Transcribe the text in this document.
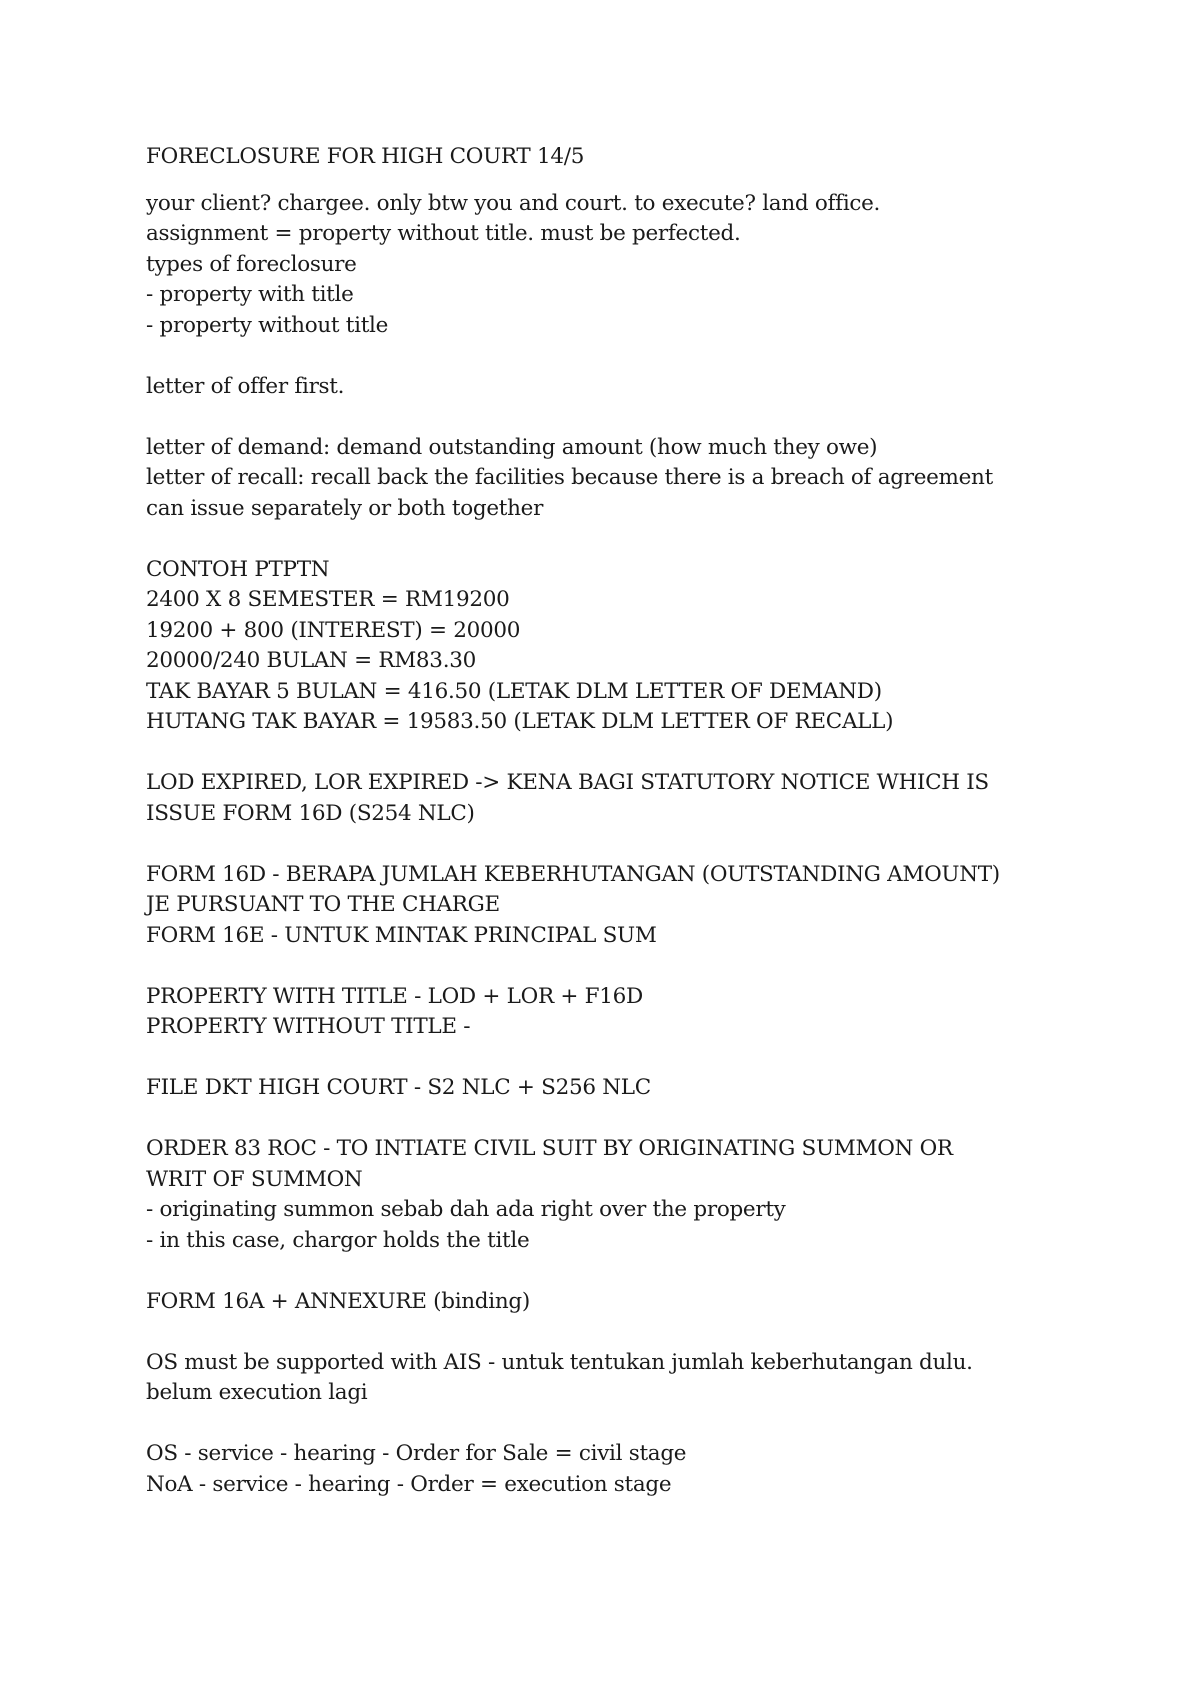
FORECLOSURE FOR HIGH COURT 14/5
your client? chargee. only btw you and court. to execute? land office.
assignment = property without title. must be perfected.
types of foreclosure
- property with title
- property without title
letter of offer first.
letter of demand: demand outstanding amount (how much they owe)
letter of recall: recall back the facilities because there is a breach of agreement
can issue separately or both together
CONTOH PTPTN
2400 X 8 SEMESTER = RM19200
19200 + 800 (INTEREST) = 20000
20000/240 BULAN = RM83.30
TAK BAYAR 5 BULAN = 416.50 (LETAK DLM LETTER OF DEMAND)
HUTANG TAK BAYAR = 19583.50 (LETAK DLM LETTER OF RECALL)
LOD EXPIRED, LOR EXPIRED -> KENA BAGI STATUTORY NOTICE WHICH IS
ISSUE FORM 16D (S254 NLC)
FORM 16D - BERAPA JUMLAH KEBERHUTANGAN (OUTSTANDING AMOUNT)
JE PURSUANT TO THE CHARGE
FORM 16E - UNTUK MINTAK PRINCIPAL SUM
PROPERTY WITH TITLE - LOD + LOR + F16D
PROPERTY WITHOUT TITLE -
FILE DKT HIGH COURT - S2 NLC + S256 NLC
ORDER 83 ROC - TO INTIATE CIVIL SUIT BY ORIGINATING SUMMON OR
WRIT OF SUMMON
- originating summon sebab dah ada right over the property
- in this case, chargor holds the title
FORM 16A + ANNEXURE (binding)
OS must be supported with AIS - untuk tentukan jumlah keberhutangan dulu.
belum execution lagi
OS - service - hearing - Order for Sale = civil stage
NoA - service - hearing - Order = execution stage
